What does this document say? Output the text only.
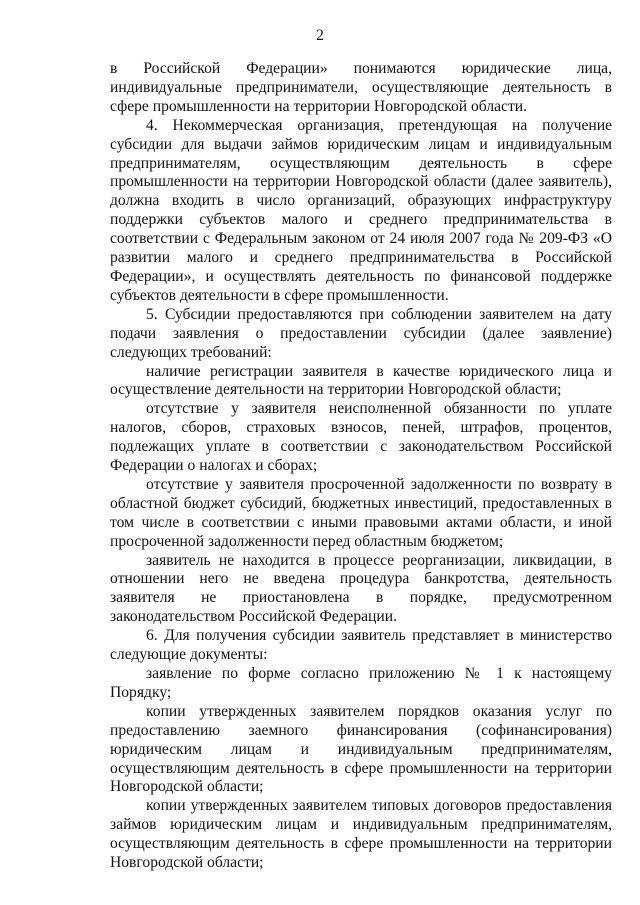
2

в Российской Федерации» понимаются юридические лица, индивидуальные предприниматели, осуществляющие деятельность в сфере промышленности на территории Новгородской области.

4. Некоммерческая организация, претендующая на получение субсидии для выдачи займов юридическим лицам и индивидуальным предпринимателям, осуществляющим деятельность в сфере промышленности на территории Новгородской области (далее заявитель), должна входить в число организаций, образующих инфраструктуру поддержки субъектов малого и среднего предпринимательства в соответствии с Федеральным законом от 24 июля 2007 года № 209-ФЗ «О развитии малого и среднего предпринимательства в Российской Федерации», и осуществлять деятельность по финансовой поддержке субъектов деятельности в сфере промышленности.

5. Субсидии предоставляются при соблюдении заявителем на дату подачи заявления о предоставлении субсидии (далее заявление) следующих требований:

наличие регистрации заявителя в качестве юридического лица и осуществление деятельности на территории Новгородской области;

отсутствие у заявителя неисполненной обязанности по уплате налогов, сборов, страховых взносов, пеней, штрафов, процентов, подлежащих уплате в соответствии с законодательством Российской Федерации о налогах и сборах;

отсутствие у заявителя просроченной задолженности по возврату в областной бюджет субсидий, бюджетных инвестиций, предоставленных в том числе в соответствии с иными правовыми актами области, и иной просроченной задолженности перед областным бюджетом;

заявитель не находится в процессе реорганизации, ликвидации, в отношении него не введена процедура банкротства, деятельность заявителя не приостановлена в порядке, предусмотренном законодательством Российской Федерации.

6. Для получения субсидии заявитель представляет в министерство следующие документы:

заявление по форме согласно приложению № 1 к настоящему Порядку;

копии утвержденных заявителем порядков оказания услуг по предоставлению заемного финансирования (софинансирования) юридическим лицам и индивидуальным предпринимателям, осуществляющим деятельность в сфере промышленности на территории Новгородской области;

копии утвержденных заявителем типовых договоров предоставления займов юридическим лицам и индивидуальным предпринимателям, осуществляющим деятельность в сфере промышленности на территории Новгородской области;
